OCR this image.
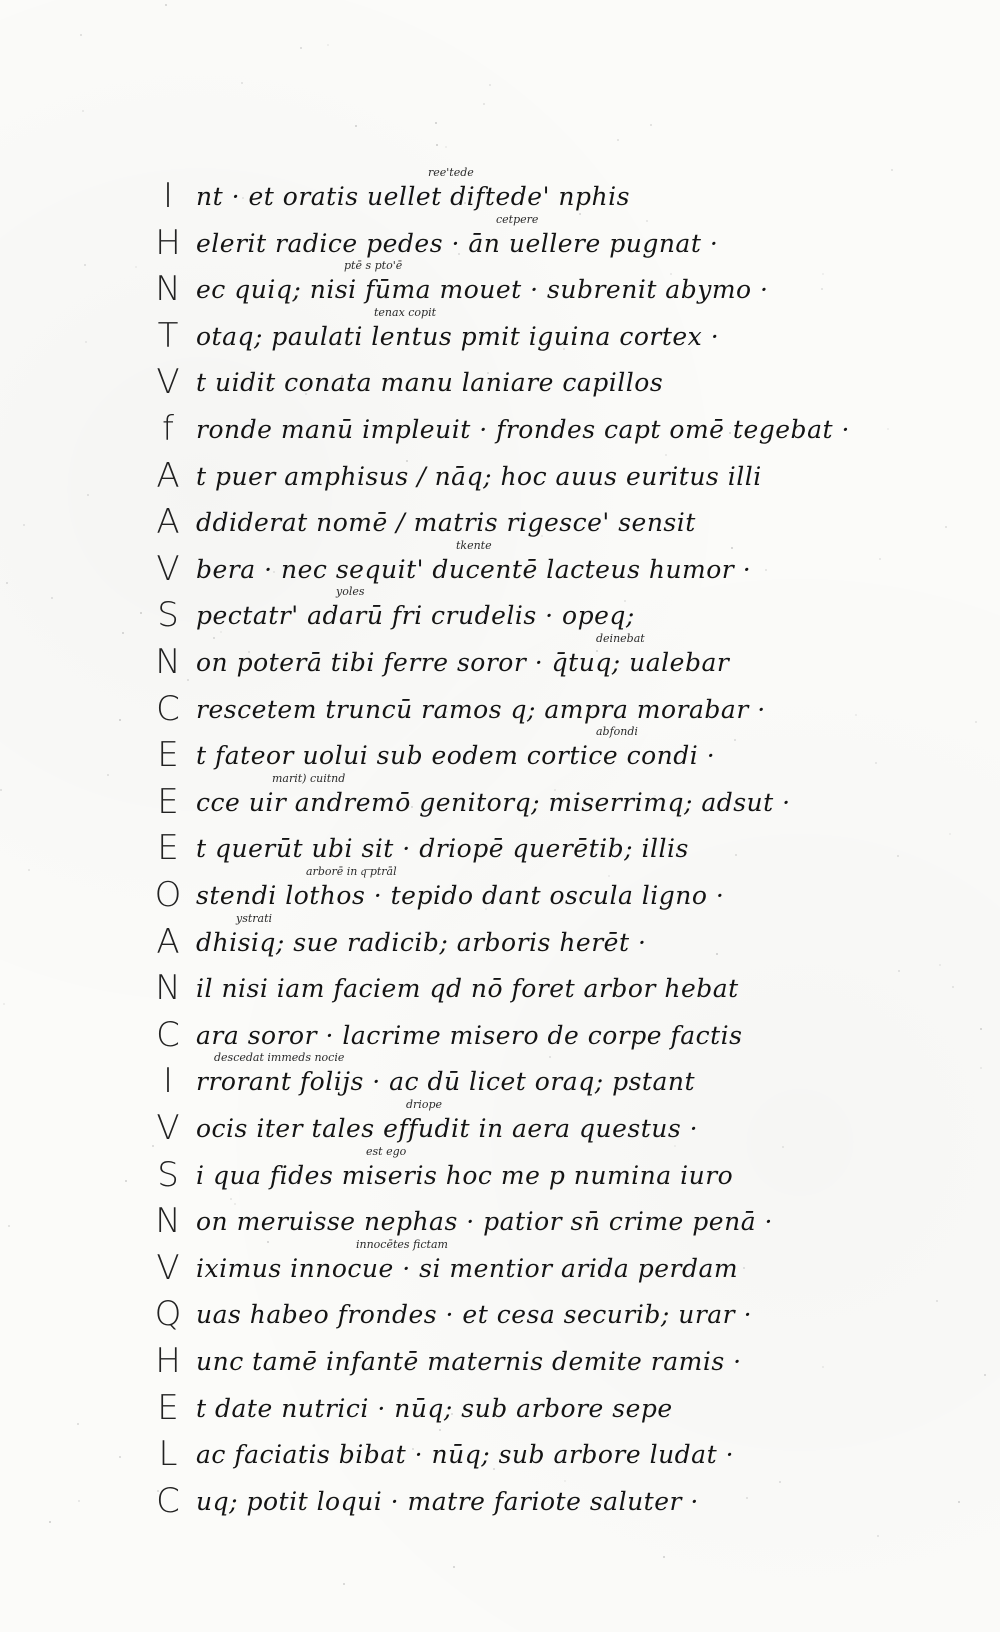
I nt · et oratis uellet diftede' nphis
ree'tede
H elerit radice pedes · ān uellere pugnat ·
cetpere
N ec quiq; nisi fūma mouet · subrenit abymo ·
ptē s pto'ē
T otaq; paulati lentus pmit iguina cortex ·
tenax copit
V t uidit conata manu laniare capillos
f ronde manū impleuit · frondes capt omē tegebat ·
A t puer amphisus / nāq; hoc auus euritus illi
A ddiderat nomē / matris rigesce' sensit
V bera · nec sequit' ducentē lacteus humor ·
tkente
S pectatr' adarū fri crudelis · opeq;
yoles
N on poterā tibi ferre soror · q̄tuq; ualebar
deinebat
C rescetem truncū ramos q; ampra morabar ·
E t fateor uolui sub eodem cortice condi ·
abfondi
E cce uir andremō genitorq; miserrimq; adsut ·
marit) cuitnd
E t querūt ubi sit · driopē querētib; illis
O stendi lothos · tepido dant oscula ligno ·
arborē in q͞ ptrāl
A dhisiq; sue radicib; arboris herēt ·
ystrati
N il nisi iam faciem qd nō foret arbor hebat
C ara soror · lacrime misero de corpe factis
I rrorant folijs · ac dū licet oraq; pstant
descedat immeds nocie
V ocis iter tales effudit in aera questus ·
driope
S i qua fides miseris hoc me p numina iuro
est ego
N on meruisse nephas · patior sn̄ crime penā ·
V iximus innocue · si mentior arida perdam
innocētes fictam
Q uas habeo frondes · et cesa securib; urar ·
H unc tamē infantē maternis demite ramis ·
E t date nutrici · nūq; sub arbore sepe
L ac faciatis bibat · nūq; sub arbore ludat ·
C uq; potit loqui · matre fariote saluter ·
